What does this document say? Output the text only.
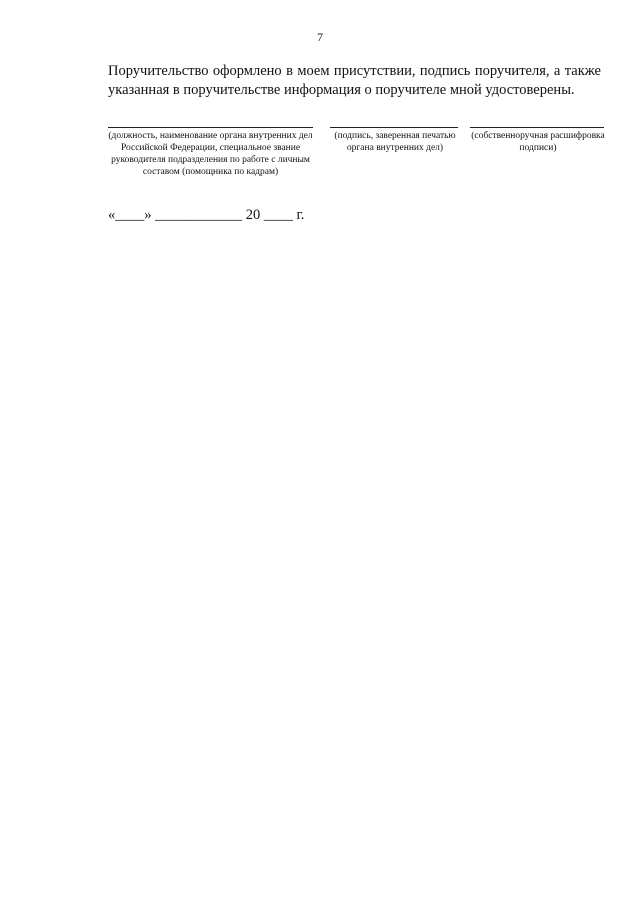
7
Поручительство оформлено в моем присутствии, подпись поручителя, а также указанная в поручительстве информация о поручителе мной удостоверены.
(должность, наименование органа внутренних дел Российской Федерации, специальное звание руководителя подразделения по работе с личным составом (помощника по кадрам)
(подпись, заверенная печатью органа внутренних дел)
(собственноручная расшифровка подписи)
«____» ____________ 20 ____ г.
